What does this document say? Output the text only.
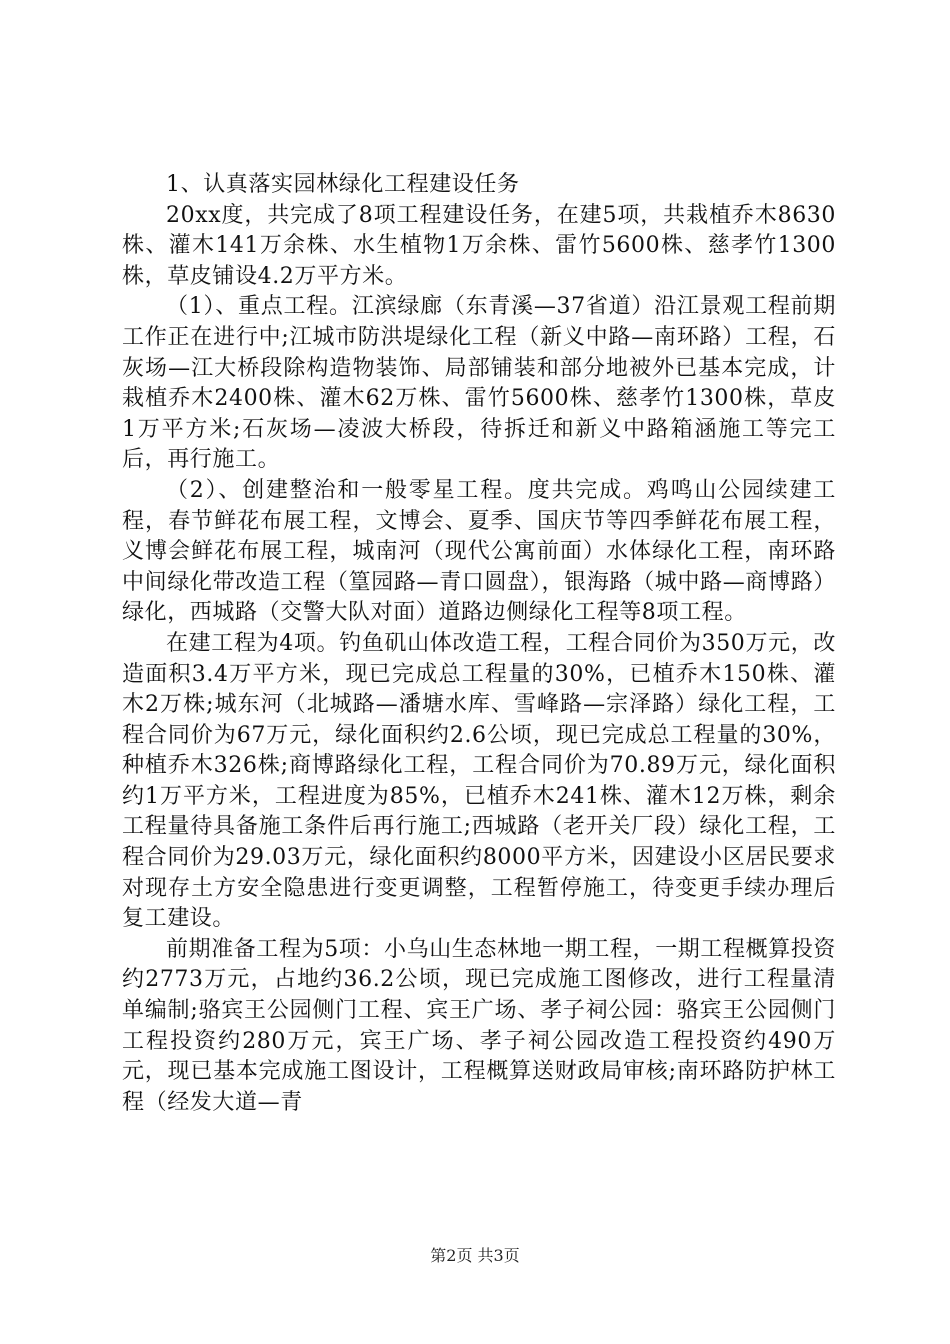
1、认真落实园林绿化工程建设任务

20xx度，共完成了8项工程建设任务，在建5项，共栽植乔木8630株、灌木141万余株、水生植物1万余株、雷竹5600株、慈孝竹1300株，草皮铺设4.2万平方米。

（1）、重点工程。江滨绿廊（东青溪—37省道）沿江景观工程前期工作正在进行中;江城市防洪堤绿化工程（新义中路—南环路）工程，石灰场—江大桥段除构造物装饰、局部铺装和部分地被外已基本完成，计栽植乔木2400株、灌木62万株、雷竹5600株、慈孝竹1300株，草皮1万平方米;石灰场—凌波大桥段，待拆迁和新义中路箱涵施工等完工后，再行施工。

（2）、创建整治和一般零星工程。度共完成。鸡鸣山公园续建工程，春节鲜花布展工程，文博会、夏季、国庆节等四季鲜花布展工程，义博会鲜花布展工程，城南河（现代公寓前面）水体绿化工程，南环路中间绿化带改造工程（篁园路—青口圆盘），银海路（城中路—商博路）绿化，西城路（交警大队对面）道路边侧绿化工程等8项工程。

在建工程为4项。钓鱼矶山体改造工程，工程合同价为350万元，改造面积3.4万平方米，现已完成总工程量的30%，已植乔木150株、灌木2万株;城东河（北城路—潘塘水库、雪峰路—宗泽路）绿化工程，工程合同价为67万元，绿化面积约2.6公顷，现已完成总工程量的30%，种植乔木326株;商博路绿化工程，工程合同价为70.89万元，绿化面积约1万平方米，工程进度为85%，已植乔木241株、灌木12万株，剩余工程量待具备施工条件后再行施工;西城路（老开关厂段）绿化工程，工程合同价为29.03万元，绿化面积约8000平方米，因建设小区居民要求对现存土方安全隐患进行变更调整，工程暂停施工，待变更手续办理后复工建设。

前期准备工程为5项：小乌山生态林地一期工程，一期工程概算投资约2773万元，占地约36.2公顷，现已完成施工图修改，进行工程量清单编制;骆宾王公园侧门工程、宾王广场、孝子祠公园：骆宾王公园侧门工程投资约280万元，宾王广场、孝子祠公园改造工程投资约490万元，现已基本完成施工图设计，工程概算送财政局审核;南环路防护林工程（经发大道—青

第2页 共3页
